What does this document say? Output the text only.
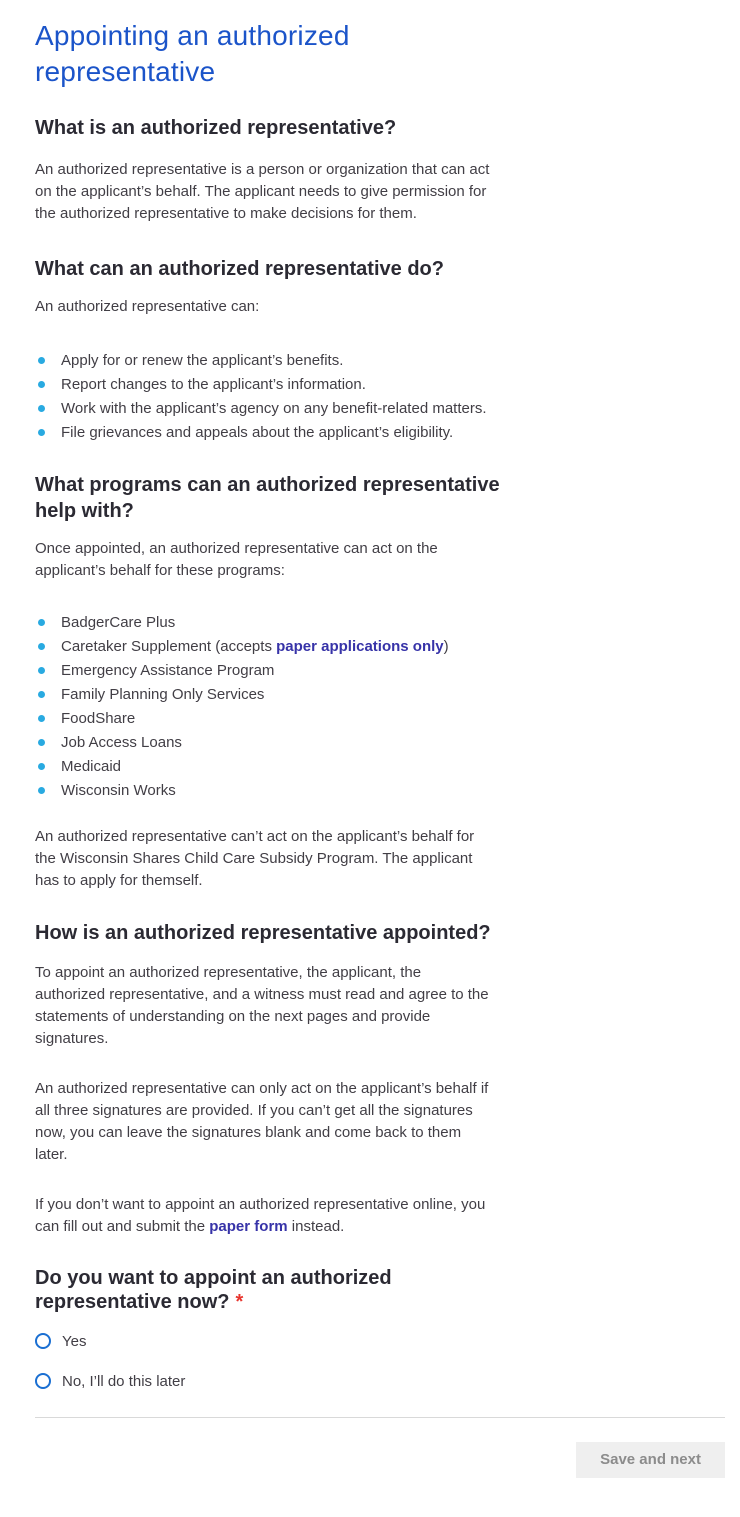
Appointing an authorized representative
What is an authorized representative?

An authorized representative is a person or organization that can act on the applicant’s behalf. The applicant needs to give permission for the authorized representative to make decisions for them.

What can an authorized representative do?

An authorized representative can:

Apply for or renew the applicant’s benefits.
Report changes to the applicant’s information.
Work with the applicant’s agency on any benefit-related matters.
File grievances and appeals about the applicant’s eligibility.
What programs can an authorized representative help with?

Once appointed, an authorized representative can act on the applicant’s behalf for these programs:

BadgerCare Plus
Caretaker Supplement (accepts paper applications only)
Emergency Assistance Program
Family Planning Only Services
FoodShare
Job Access Loans
Medicaid
Wisconsin Works

An authorized representative can’t act on the applicant’s behalf for the Wisconsin Shares Child Care Subsidy Program. The applicant has to apply for themself.

How is an authorized representative appointed?

To appoint an authorized representative, the applicant, the authorized representative, and a witness must read and agree to the statements of understanding on the next pages and provide signatures.

An authorized representative can only act on the applicant’s behalf if all three signatures are provided. If you can’t get all the signatures now, you can leave the signatures blank and come back to them later.

If you don’t want to appoint an authorized representative online, you can fill out and submit the paper form instead.

Do you want to appoint an authorized representative now? *
Yes
No, I’ll do this later
Save and next
